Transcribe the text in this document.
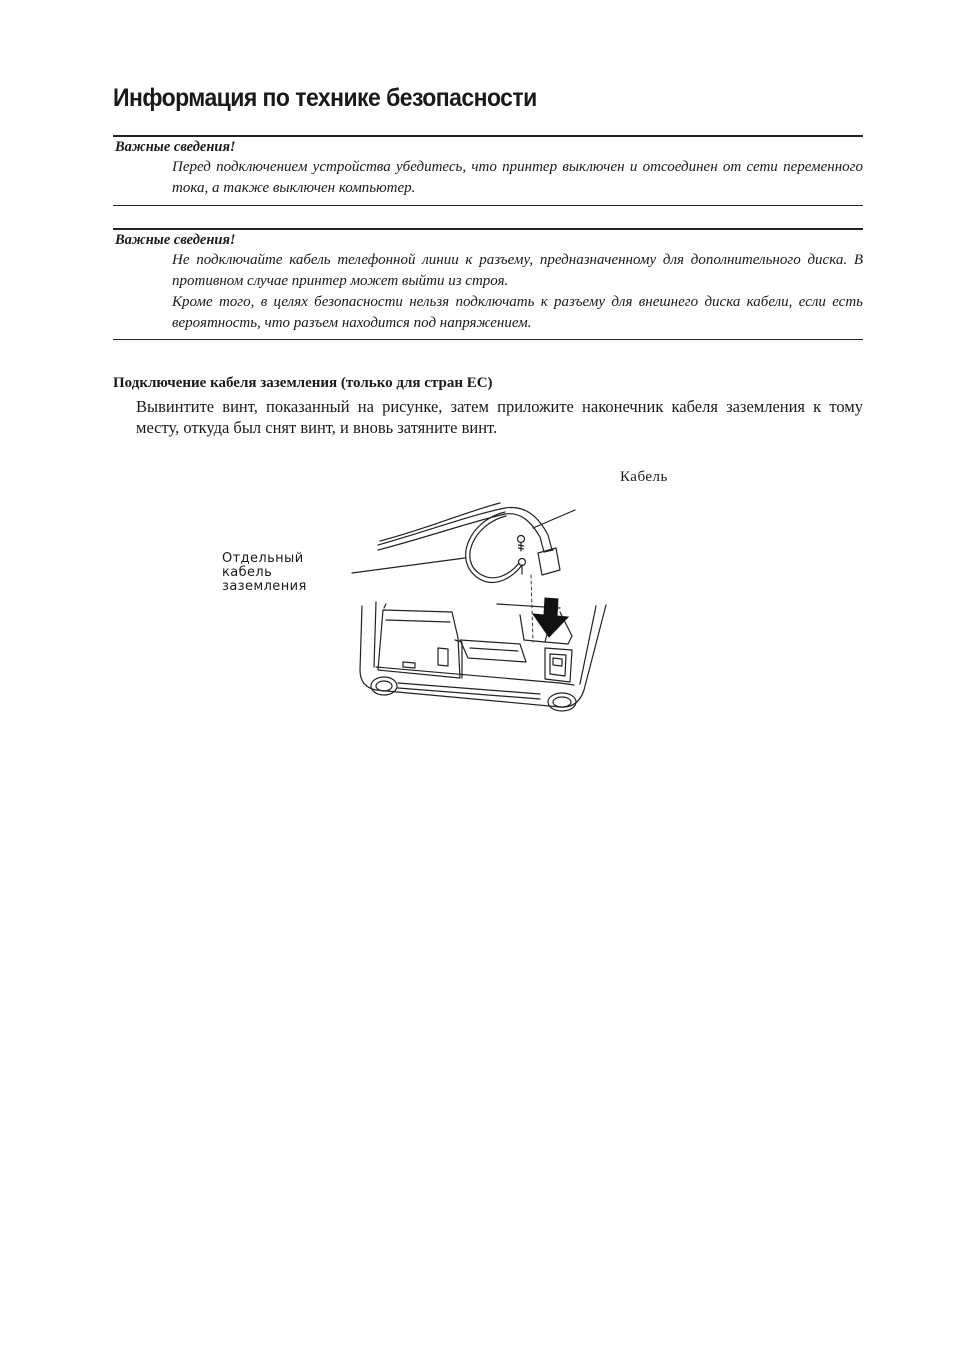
Информация по технике безопасности
Важные сведения!

Перед подключением устройства убедитесь, что принтер выключен и отсоединен от сети переменного тока, а также выключен компьютер.

Важные сведения!

Не подключайте кабель телефонной линии к разъему, предназначенному для дополнительного диска. В противном случае принтер может выйти из строя.

Кроме того, в целях безопасности нельзя подключать к разъему для внешнего диска кабели, если есть вероятность, что разъем находится под напряжением.

Подключение кабеля заземления (только для стран ЕС)

Вывинтите винт, показанный на рисунке, затем приложите наконечник кабеля заземления к тому месту, откуда был снят винт, и вновь затяните винт.

Кабель
Отдельный
кабель
заземления
